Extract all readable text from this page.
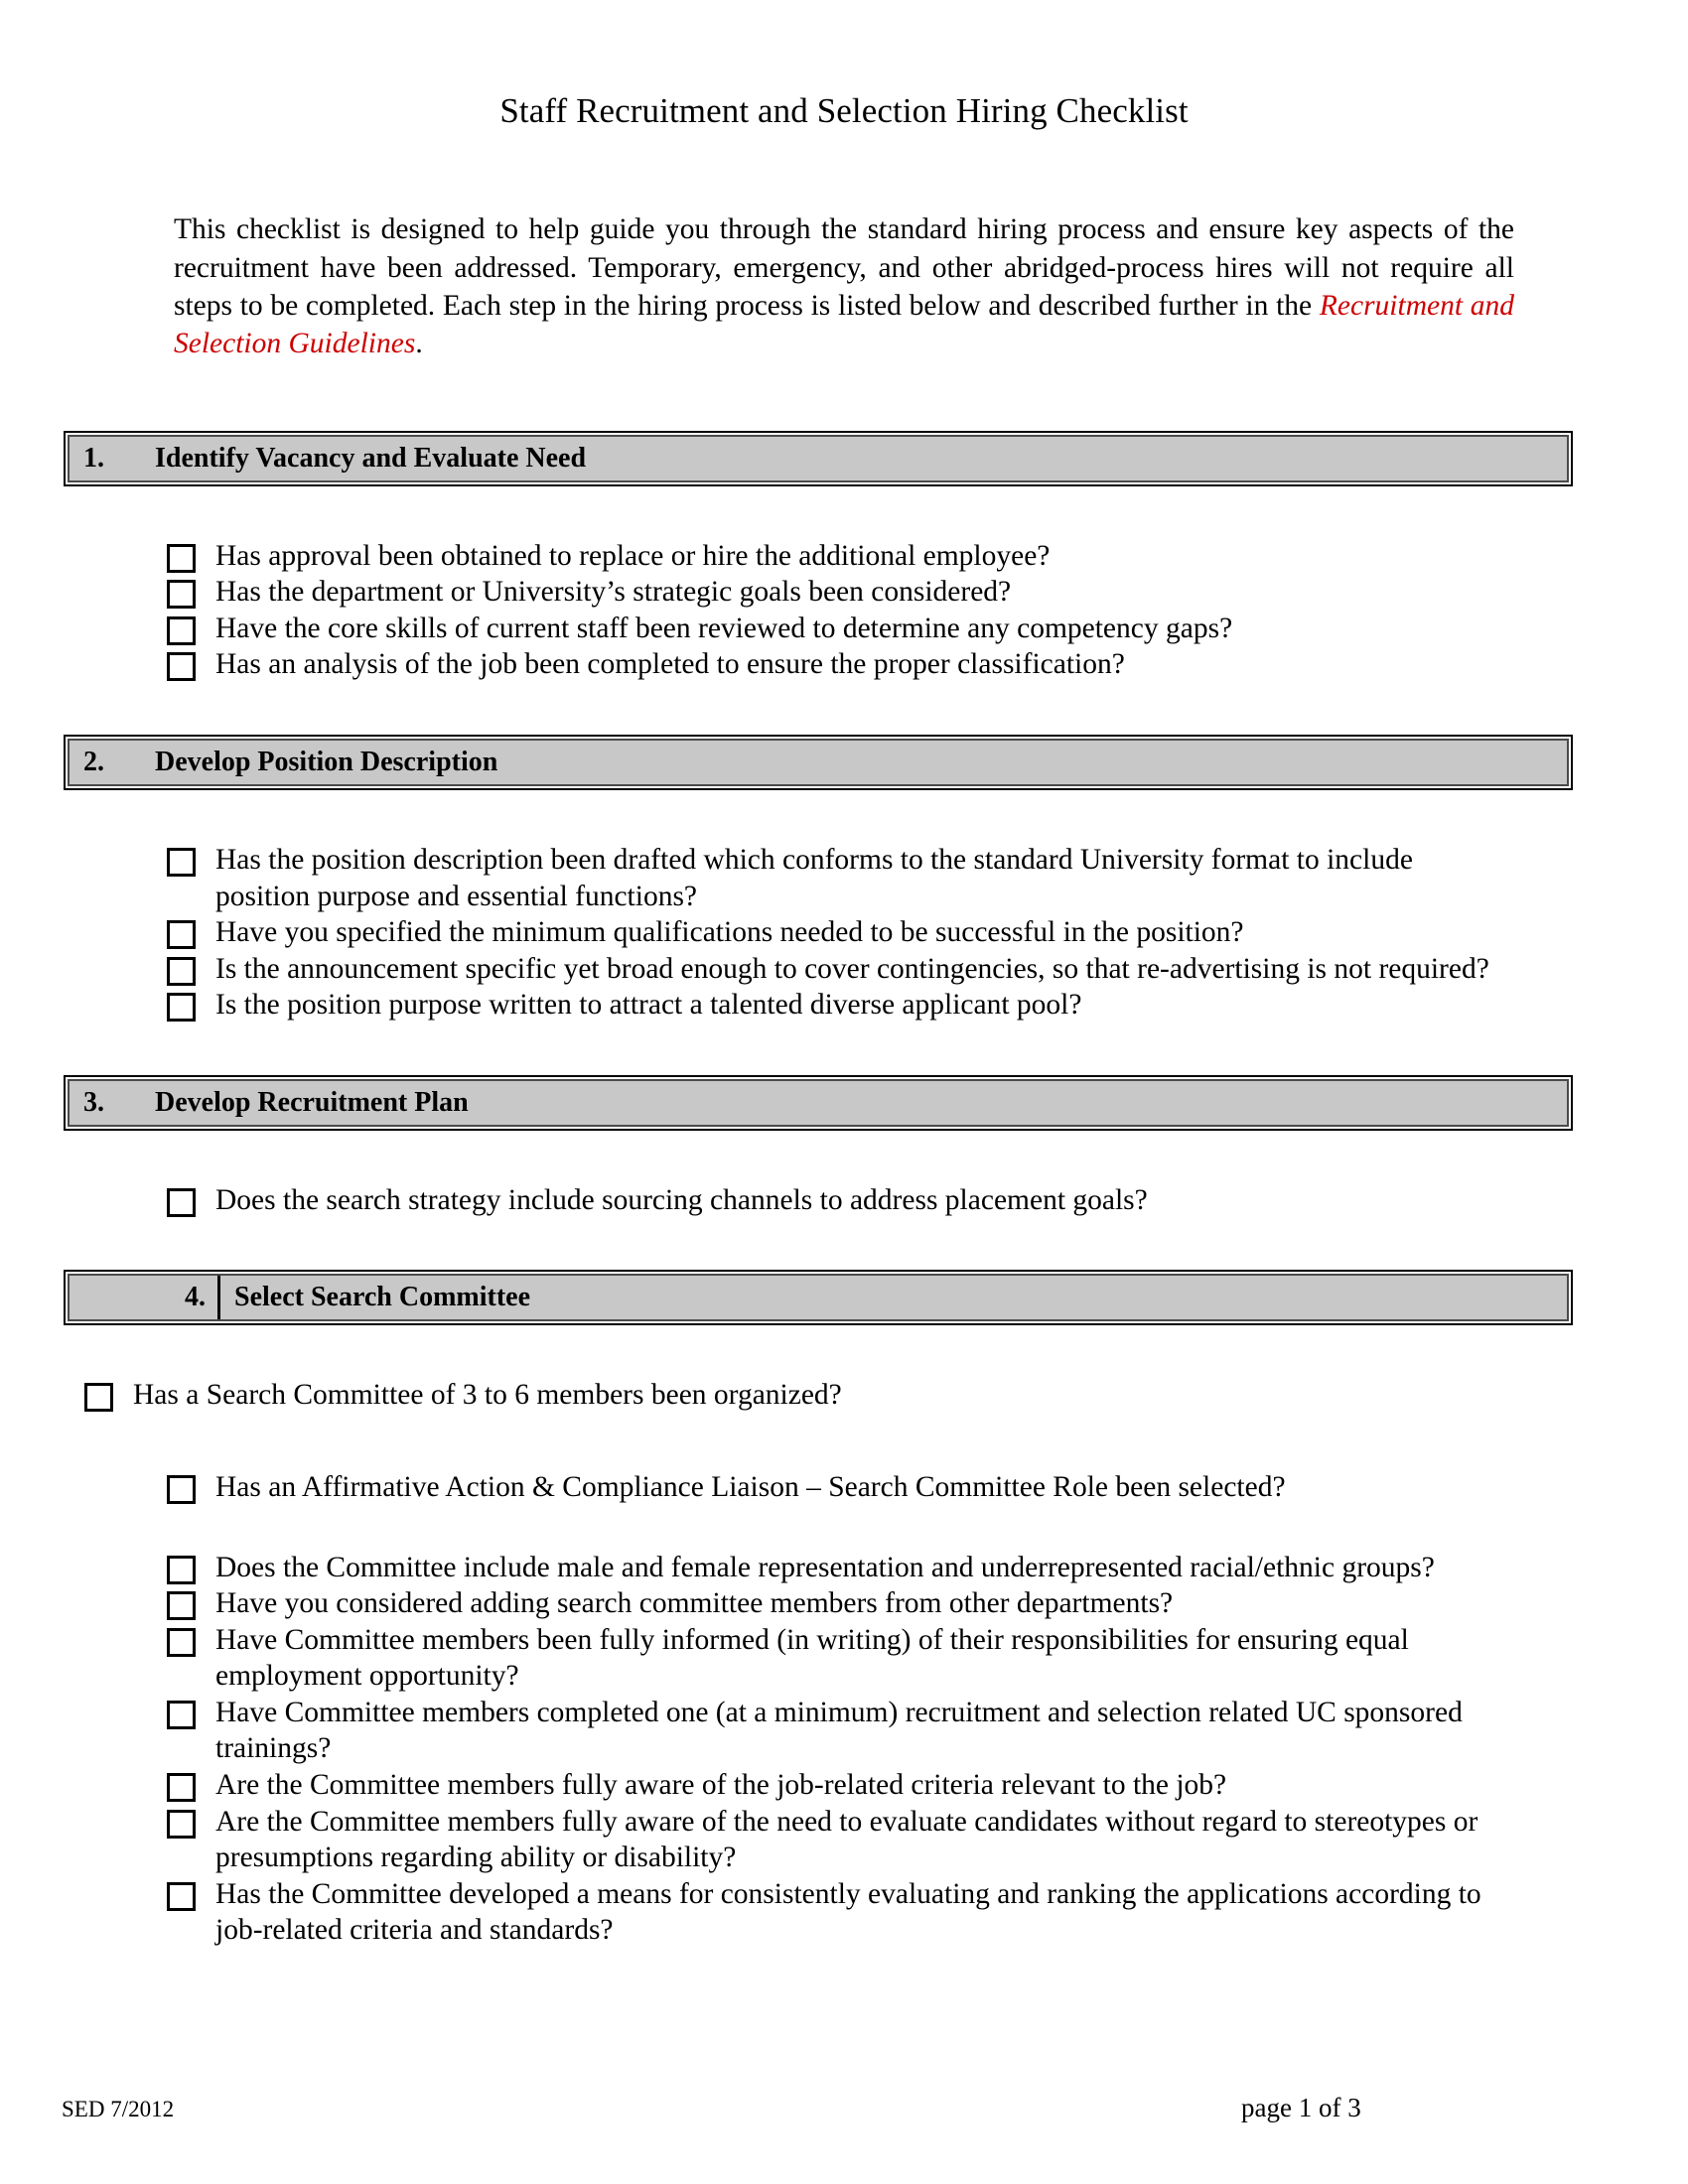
Staff Recruitment and Selection Hiring Checklist
This checklist is designed to help guide you through the standard hiring process and ensure key aspects of the recruitment have been addressed. Temporary, emergency, and other abridged-process hires will not require all steps to be completed. Each step in the hiring process is listed below and described further in the Recruitment and Selection Guidelines.
1.	Identify Vacancy and Evaluate Need
Has approval been obtained to replace or hire the additional employee?
Has the department or University’s strategic goals been considered?
Have the core skills of current staff been reviewed to determine any competency gaps?
Has an analysis of the job been completed to ensure the proper classification?
2.	Develop Position Description
Has the position description been drafted which conforms to the standard University format to include position purpose and essential functions?
Have you specified the minimum qualifications needed to be successful in the position?
Is the announcement specific yet broad enough to cover contingencies, so that re-advertising is not required?
Is the position purpose written to attract a talented diverse applicant pool?
3.	Develop Recruitment Plan
Does the search strategy include sourcing channels to address placement goals?
4.	Select Search Committee
Has a Search Committee of 3 to 6 members been organized?
Has an Affirmative Action & Compliance Liaison – Search Committee Role been selected?
Does the Committee include male and female representation and underrepresented racial/ethnic groups?
Have you considered adding search committee members from other departments?
Have Committee members been fully informed (in writing) of their responsibilities for ensuring equal employment opportunity?
Have Committee members completed one (at a minimum) recruitment and selection related UC sponsored trainings?
Are the Committee members fully aware of the job-related criteria relevant to the job?
Are the Committee members fully aware of the need to evaluate candidates without regard to stereotypes or presumptions regarding ability or disability?
Has the Committee developed a means for consistently evaluating and ranking the applications according to job-related criteria and standards?
SED 7/2012	page 1 of 3
